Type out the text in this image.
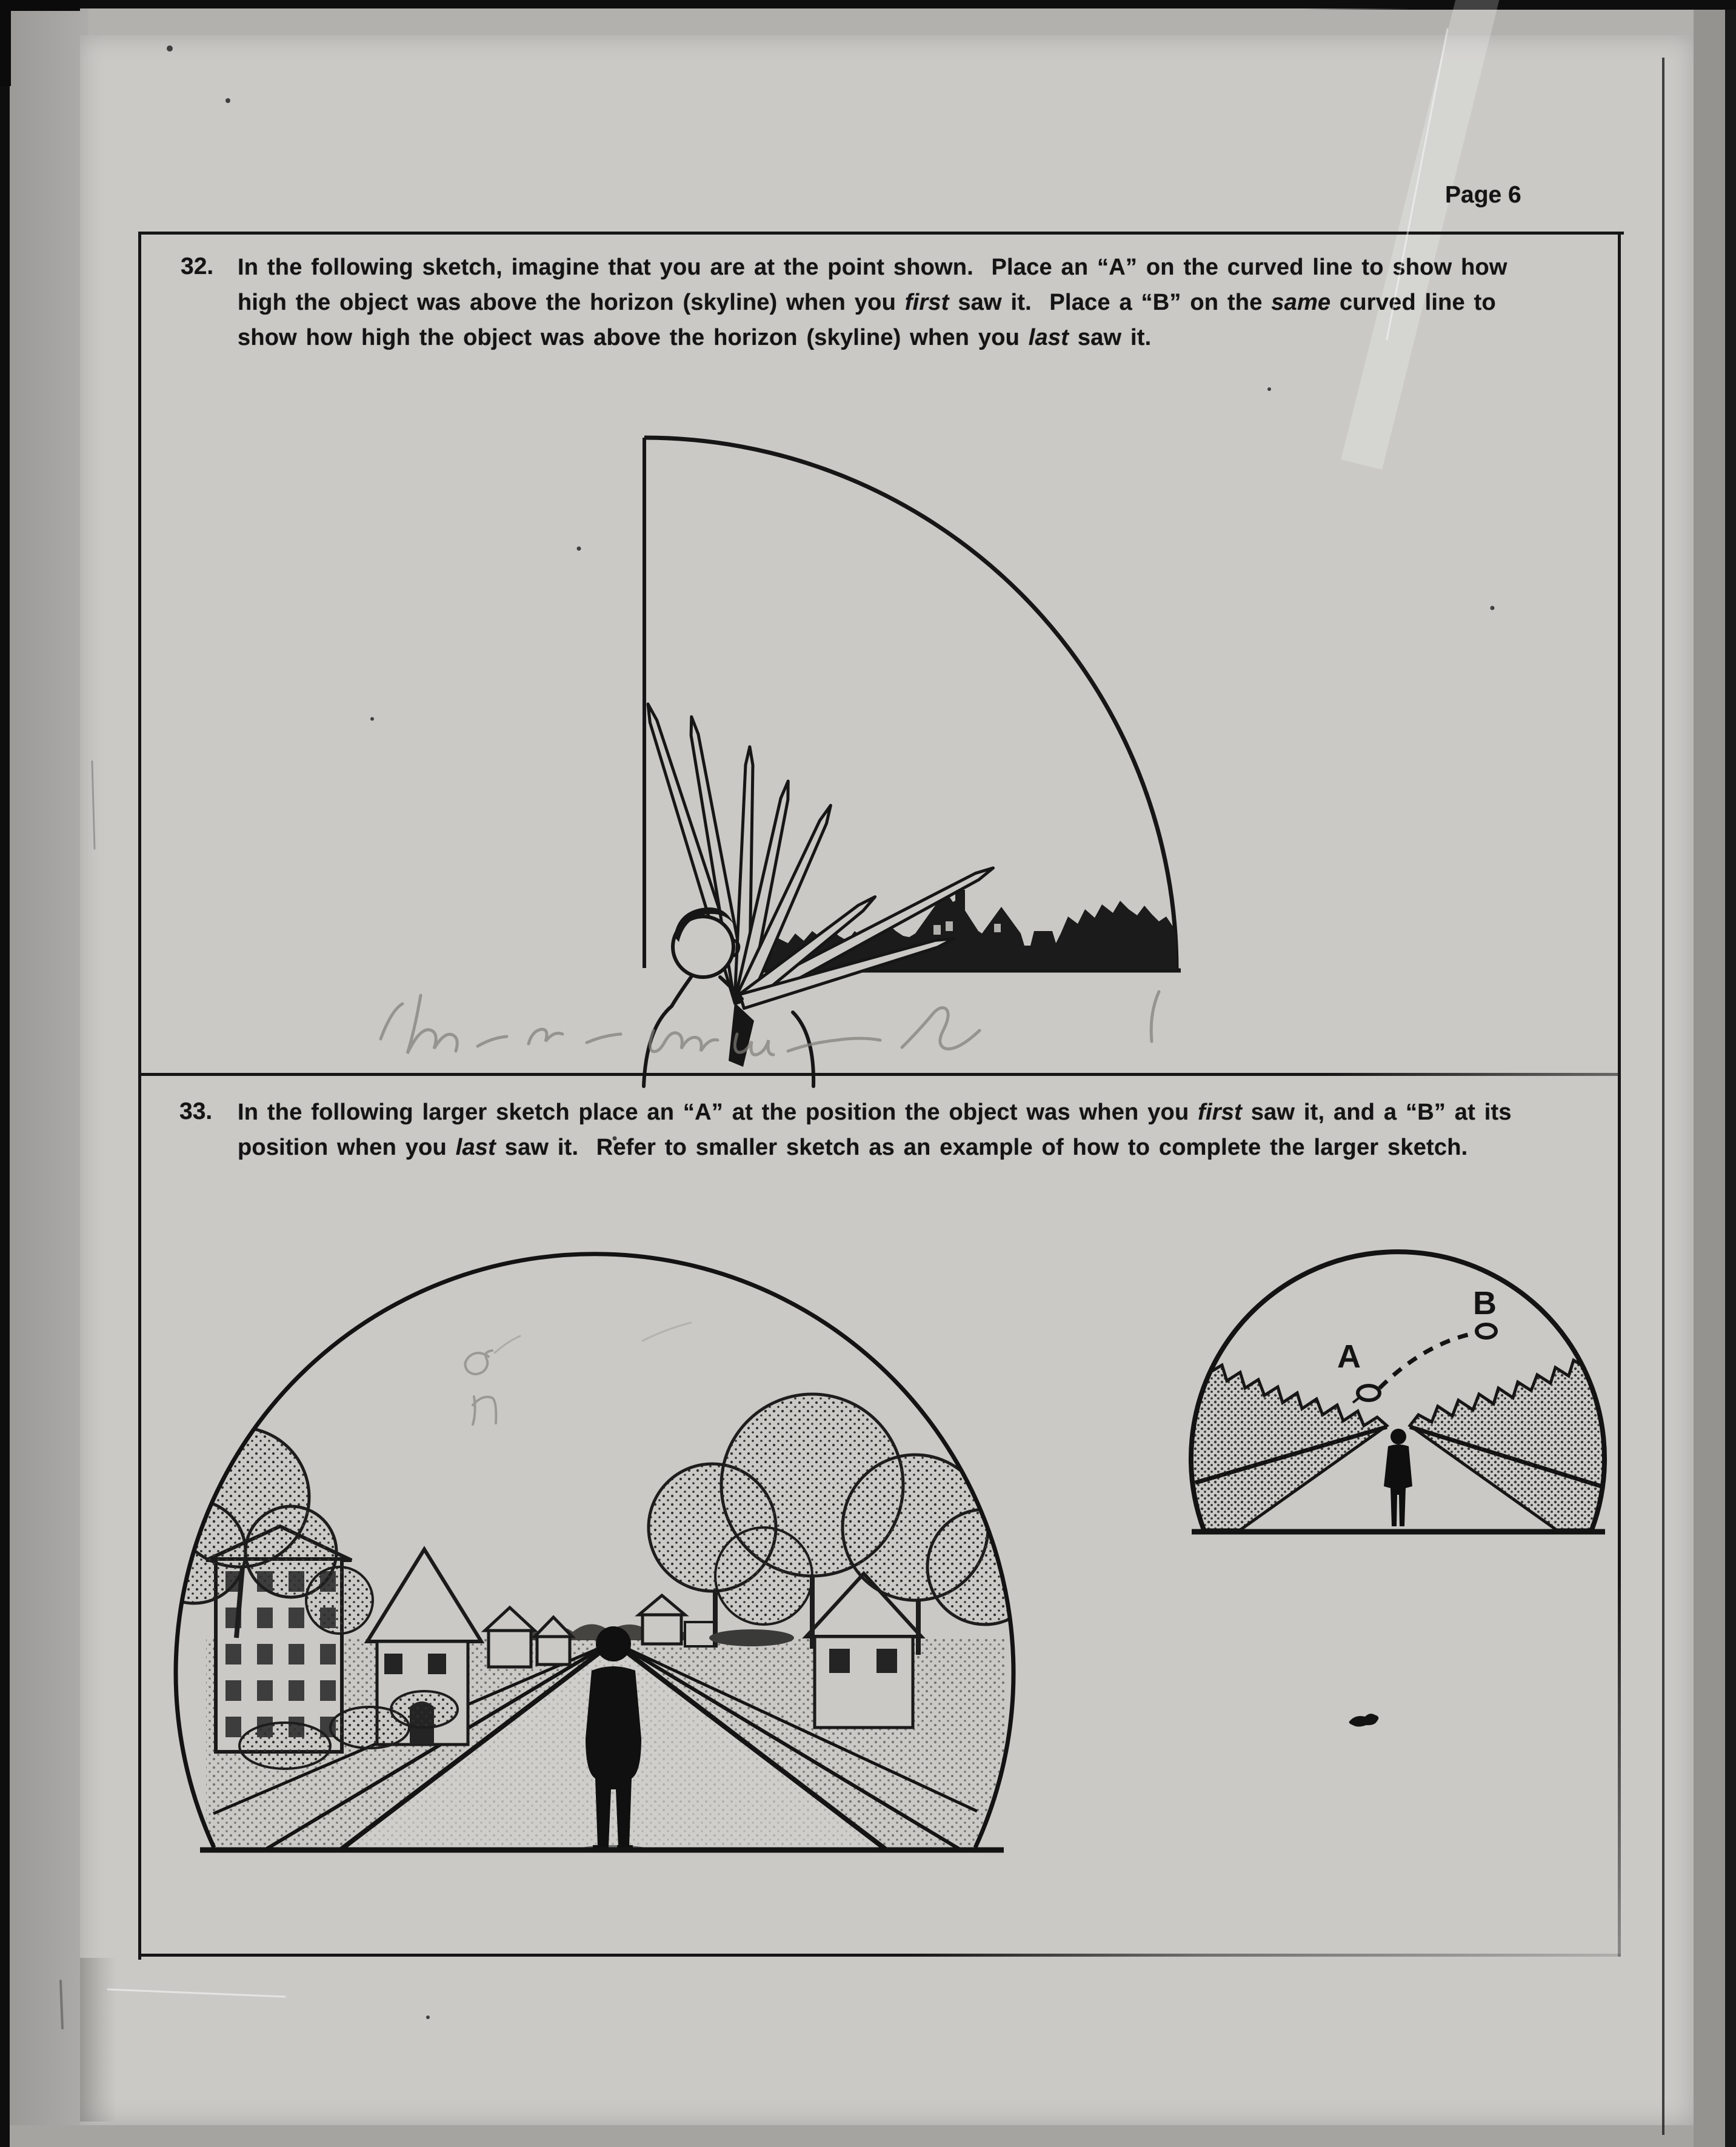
Page 6
32. In the following sketch, imagine that you are at the point shown.  Place an “A” on the curved line to show how
high the object was above the horizon (skyline) when you first saw it.  Place a “B” on the same curved line to
show how high the object was above the horizon (skyline) when you last saw it.
33. In the following larger sketch place an “A” at the position the object was when you first saw it, and a “B” at its
position when you last saw it.  Refer to smaller sketch as an example of how to complete the larger sketch.
A
B
